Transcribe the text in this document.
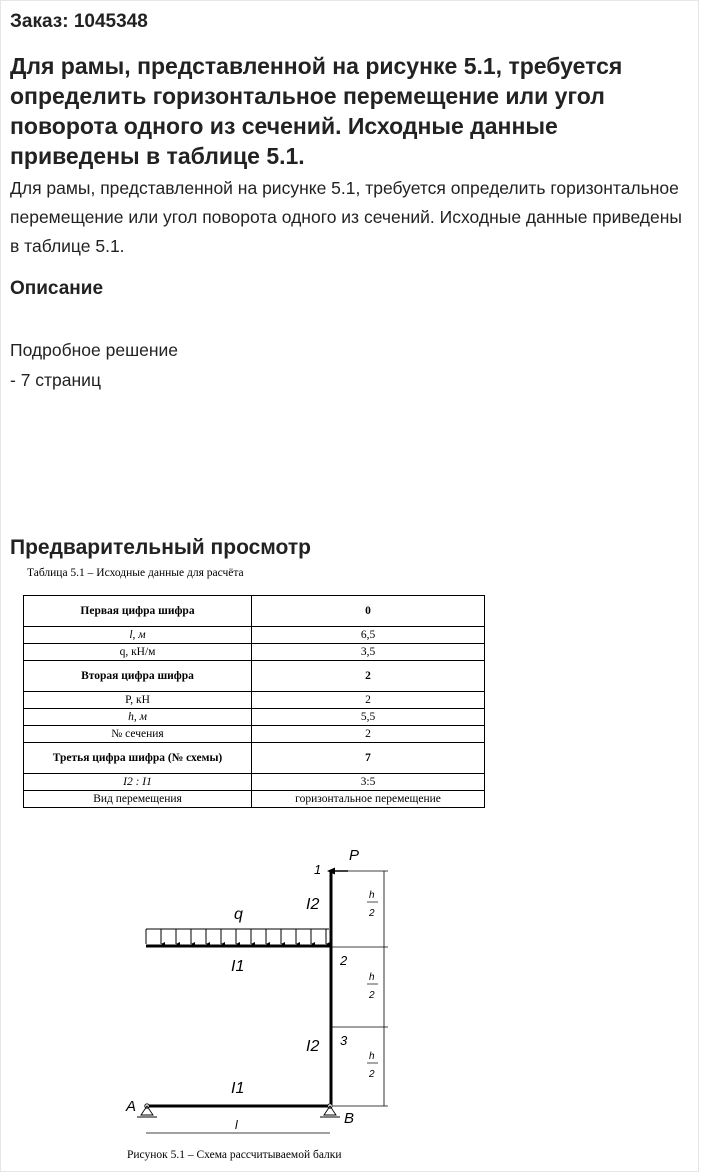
Заказ: 1045348
Для рамы, представленной на рисунке 5.1, требуется определить горизонтальное перемещение или угол поворота одного из сечений. Исходные данные приведены в таблице 5.1.
Для рамы, представленной на рисунке 5.1, требуется определить горизонтальное перемещение или угол поворота одного из сечений. Исходные данные приведены в таблице 5.1.
Описание
Подробное решение
- 7 страниц
Предварительный просмотр
Таблица 5.1 – Исходные данные для расчёта
Первая цифра шифра	0
l, м	6,5
q, кН/м	3,5
Вторая цифра шифра	2
P, кН	2
h, м	5,5
№ сечения	2
Третья цифра шифра (№ схемы)	7
I2 : I1	3:5
Вид перемещения	горизонтальное перемещение
q
P
1
2
3
I2
I2
I1
I1
A
B
l
h
2
h
2
h
2
Рисунок 5.1 – Схема рассчитываемой балки
